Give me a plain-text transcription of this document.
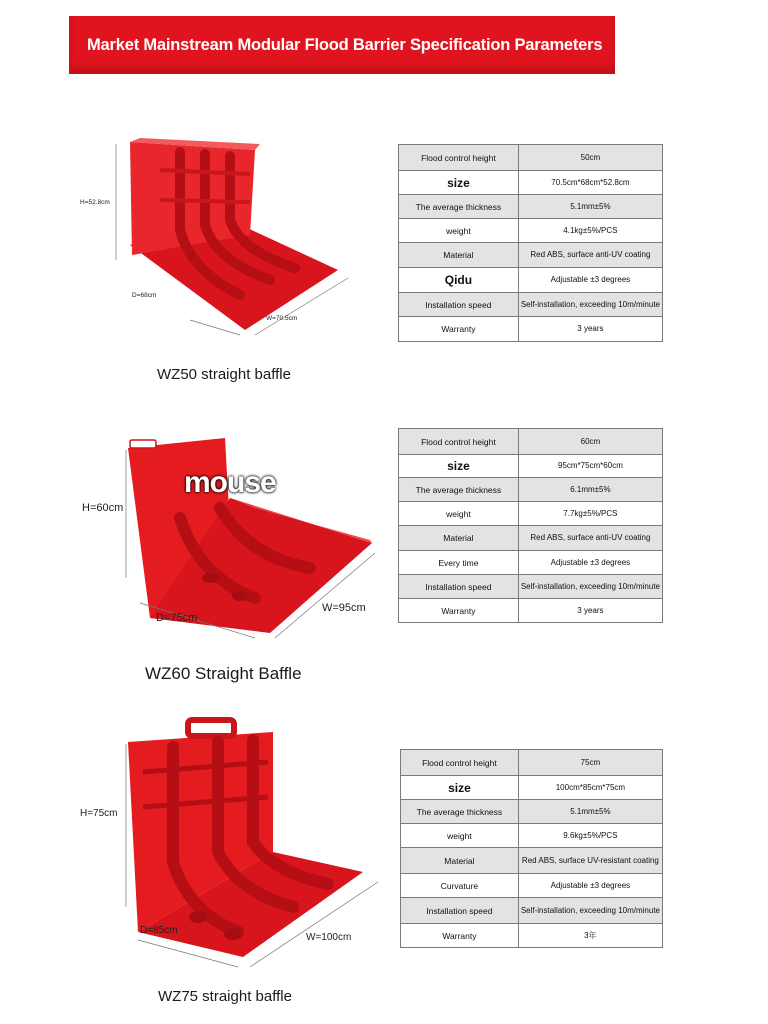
Market Mainstream Modular Flood Barrier Specification Parameters
H=52.8cm
D=68cm
W=70.5cm
WZ50 straight baffle
Flood control height	50cm
size	70.5cm*68cm*52.8cm
The average thickness	5.1mm±5%
weight	4.1kg±5%/PCS
Material	Red ABS, surface anti-UV coating
Qidu	Adjustable ±3 degrees
Installation speed	Self-installation, exceeding 10m/minute
Warranty	3 years
H=60cm
D=75cm
W=95cm
mouse
WZ60 Straight Baffle
Flood control height	60cm
size	95cm*75cm*60cm
The average thickness	6.1mm±5%
weight	7.7kg±5%/PCS
Material	Red ABS, surface anti-UV coating
Every time	Adjustable ±3 degrees
Installation speed	Self-installation, exceeding 10m/minute
Warranty	3 years
H=75cm
D=85cm
W=100cm
WZ75 straight baffle
Flood control height	75cm
size	100cm*85cm*75cm
The average thickness	5.1mm±5%
weight	9.6kg±5%/PCS
Material	Red ABS, surface UV-resistant coating
Curvature	Adjustable ±3 degrees
Installation speed	Self-installation, exceeding 10m/minute
Warranty	3年
